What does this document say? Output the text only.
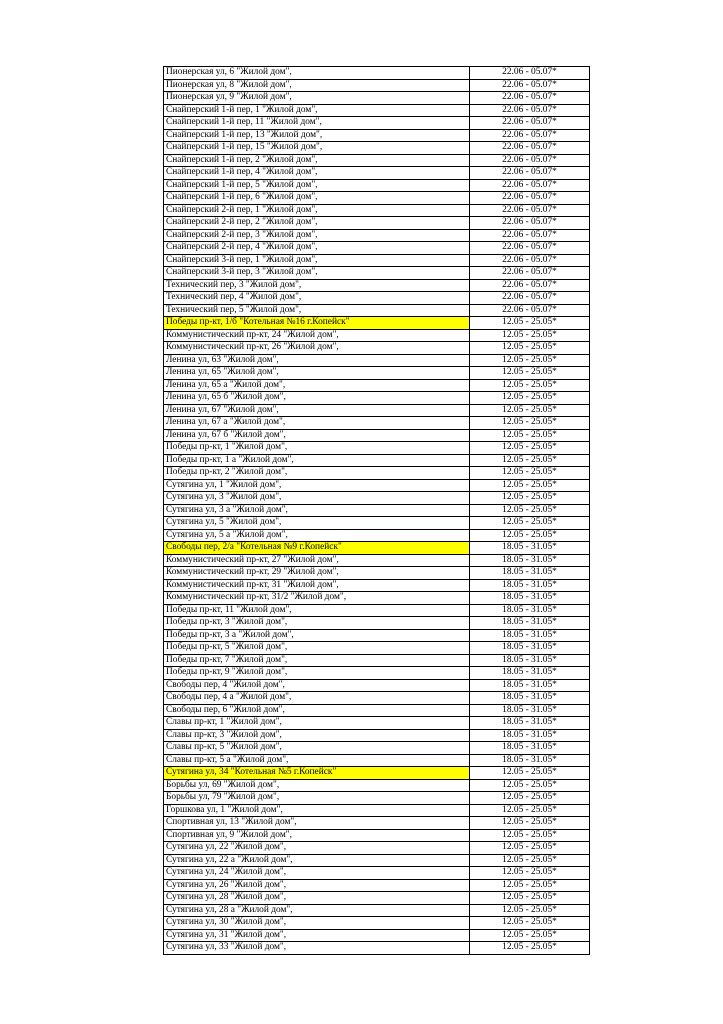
Пионерская ул, 6 "Жилой дом",	22.06 - 05.07*
Пионерская ул, 8 "Жилой дом",	22.06 - 05.07*
Пионерская ул, 9 "Жилой дом",	22.06 - 05.07*
Снайперский 1-й пер, 1 "Жилой дом",	22.06 - 05.07*
Снайперский 1-й пер, 11 "Жилой дом",	22.06 - 05.07*
Снайперский 1-й пер, 13 "Жилой дом",	22.06 - 05.07*
Снайперский 1-й пер, 15 "Жилой дом",	22.06 - 05.07*
Снайперский 1-й пер, 2 "Жилой дом",	22.06 - 05.07*
Снайперский 1-й пер, 4 "Жилой дом",	22.06 - 05.07*
Снайперский 1-й пер, 5 "Жилой дом",	22.06 - 05.07*
Снайперский 1-й пер, 6 "Жилой дом",	22.06 - 05.07*
Снайперский 2-й пер, 1 "Жилой дом",	22.06 - 05.07*
Снайперский 2-й пер, 2 "Жилой дом",	22.06 - 05.07*
Снайперский 2-й пер, 3 "Жилой дом",	22.06 - 05.07*
Снайперский 2-й пер, 4 "Жилой дом",	22.06 - 05.07*
Снайперский 3-й пер, 1 "Жилой дом",	22.06 - 05.07*
Снайперский 3-й пер, 3 "Жилой дом",	22.06 - 05.07*
Технический пер, 3 "Жилой дом",	22.06 - 05.07*
Технический пер, 4 "Жилой дом",	22.06 - 05.07*
Технический пер, 5 "Жилой дом",	22.06 - 05.07*
Победы пр-кт, 1/б "Котельная №16 г.Копейск"	12.05 - 25.05*
Коммунистический пр-кт, 24 "Жилой дом",	12.05 - 25.05*
Коммунистический пр-кт, 26 "Жилой дом",	12.05 - 25.05*
Ленина ул, 63 "Жилой дом",	12.05 - 25.05*
Ленина ул, 65 "Жилой дом",	12.05 - 25.05*
Ленина ул, 65 а "Жилой дом",	12.05 - 25.05*
Ленина ул, 65 б "Жилой дом",	12.05 - 25.05*
Ленина ул, 67 "Жилой дом",	12.05 - 25.05*
Ленина ул, 67 а "Жилой дом",	12.05 - 25.05*
Ленина ул, 67 б "Жилой дом",	12.05 - 25.05*
Победы пр-кт, 1 "Жилой дом",	12.05 - 25.05*
Победы пр-кт, 1 а "Жилой дом",	12.05 - 25.05*
Победы пр-кт, 2 "Жилой дом",	12.05 - 25.05*
Сутягина ул, 1 "Жилой дом",	12.05 - 25.05*
Сутягина ул, 3 "Жилой дом",	12.05 - 25.05*
Сутягина ул, 3 а "Жилой дом",	12.05 - 25.05*
Сутягина ул, 5 "Жилой дом",	12.05 - 25.05*
Сутягина ул, 5 а "Жилой дом",	12.05 - 25.05*
Свободы пер, 2/а "Котельная №9 г.Копейск"	18.05 - 31.05*
Коммунистический пр-кт, 27 "Жилой дом",	18.05 - 31.05*
Коммунистический пр-кт, 29 "Жилой дом",	18.05 - 31.05*
Коммунистический пр-кт, 31 "Жилой дом",	18.05 - 31.05*
Коммунистический пр-кт, 31/2 "Жилой дом",	18.05 - 31.05*
Победы пр-кт, 11 "Жилой дом",	18.05 - 31.05*
Победы пр-кт, 3 "Жилой дом",	18.05 - 31.05*
Победы пр-кт, 3 а "Жилой дом",	18.05 - 31.05*
Победы пр-кт, 5 "Жилой дом",	18.05 - 31.05*
Победы пр-кт, 7 "Жилой дом",	18.05 - 31.05*
Победы пр-кт, 9 "Жилой дом",	18.05 - 31.05*
Свободы пер, 4 "Жилой дом",	18.05 - 31.05*
Свободы пер, 4 а "Жилой дом",	18.05 - 31.05*
Свободы пер, 6 "Жилой дом",	18.05 - 31.05*
Славы пр-кт, 1 "Жилой дом",	18.05 - 31.05*
Славы пр-кт, 3 "Жилой дом",	18.05 - 31.05*
Славы пр-кт, 5 "Жилой дом",	18.05 - 31.05*
Славы пр-кт, 5 а "Жилой дом",	18.05 - 31.05*
Сутягина ул, 34 "Котельная №5 г.Копейск"	12.05 - 25.05*
Борьбы ул, 69 "Жилой дом",	12.05 - 25.05*
Борьбы ул, 79 "Жилой дом",	12.05 - 25.05*
Горшкова ул, 1 "Жилой дом",	12.05 - 25.05*
Спортивная ул, 13 "Жилой дом",	12.05 - 25.05*
Спортивная ул, 9 "Жилой дом",	12.05 - 25.05*
Сутягина ул, 22 "Жилой дом",	12.05 - 25.05*
Сутягина ул, 22 а "Жилой дом",	12.05 - 25.05*
Сутягина ул, 24 "Жилой дом",	12.05 - 25.05*
Сутягина ул, 26 "Жилой дом",	12.05 - 25.05*
Сутягина ул, 28 "Жилой дом",	12.05 - 25.05*
Сутягина ул, 28 а "Жилой дом",	12.05 - 25.05*
Сутягина ул, 30 "Жилой дом",	12.05 - 25.05*
Сутягина ул, 31 "Жилой дом",	12.05 - 25.05*
Сутягина ул, 33 "Жилой дом",	12.05 - 25.05*
